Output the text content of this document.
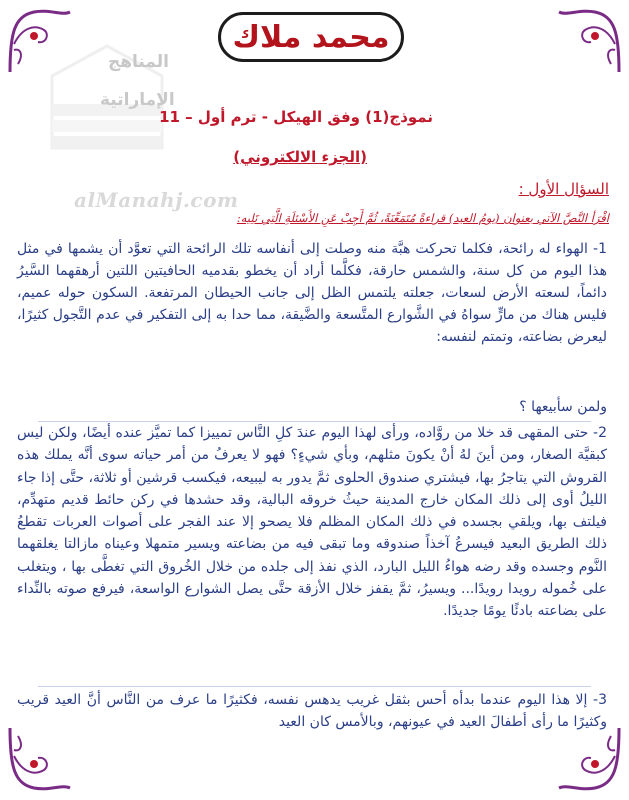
المناهج
الإماراتية
alManahj.com
محمد ملاك
نموذج(1) وفق الهيكل - ترم أول – 11
(الجزء الالكتروني)
السؤال الأول :
اقْرَأ النَّصَّ الآتي بعنوان (يومُ العيد) قراءةً مُتَمَعِّنَةً، ثُمَّ أَجِبْ عَنِ الأَسْئلَةِ الَّتِي تَلِيه:

1- الهواء له رائحة، فكلما تحركت هبَّة منه وصلت إلى أنفاسه تلك الرائحة التي تعوَّد أن يشمها في مثل هذا اليوم من كل سنة، والشمس حارقة، فكلَّما أراد أن يخطو بقدميه الحافيتين اللتين أرهقهما السَّيرُ دائماً، لسعته الأرض لسعات، جعلته يلتمس الظل إلى جانب الحيطان المرتفعة. السكون حوله عميم، فليس هناك من مارٍّ سواهُ في الشَّوارع المتَّسعة والضَّيقة، مما حدا به إلى التفكير في عدم التَّجول كثيرًا، ليعرض بضاعته، وتمتم لنفسه:

ولمن سأبيعها ؟

2- حتى المقهى قد خلا من روَّاده، ورأى لهذا اليوم عندَ كلِ النَّاس تمييزا كما تميَّز عنده أيضًا، ولكن ليس كبقيَّة الصغار، ومن أينَ لهُ أنْ يكونَ مثلهم، وبأي شيءٍ؟ فهو لا يعرفُ من أمر حياته سوى أنَّه يملك هذه القروش التي يتاجرُ بها، فيشتري صندوق الحلوى ثمَّ يدور به ليبيعه، فيكسب قرشين أو ثلاثة، حتَّى إذا جاء الليلُ أوى إلى ذلك المكان خارج المدينة حيثُ خروقه البالية، وقد حشدها في ركن حائط قديم متهدِّم، فيلتف بها، ويلقي بجسده في ذلك المكان المظلم فلا يصحو إلا عند الفجر على أصوات العربات تقطعُ ذلك الطريق البعيد فيسرعُ آخذاً صندوقه وما تبقى فيه من بضاعته ويسير متمهلا وعيناه مازالتا يغلقهما النَّوم وجسده وقد رضه هواءُ الليل البارد، الذي نفذ إلى جلده من خلال الخُروق التي تغطَّى بها ، ويتغلب على خُموله رويدا رويدًا... ويسيرُ، ثمَّ يقفز خلال الأزقة حتَّى يصل الشوارع الواسعة، فيرفع صوته بالنِّداء على بضاعته بادئًا يومًا جديدًا.

3- إلا هذا اليوم عندما بدأه أحس بثقل غريب يدهس نفسه، فكثيرًا ما عرف من النَّاس أنَّ العيد قريب وكثيرًا ما رأى أطفالَ العيد في عيونهم، وبالأمس كان العيد
